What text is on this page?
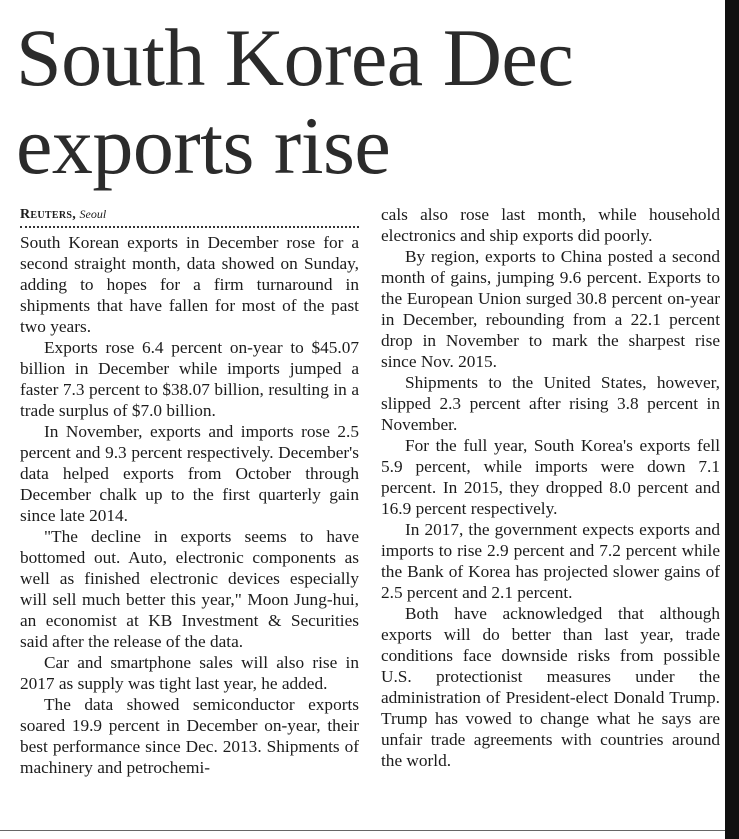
South Korea Dec exports rise
Reuters, Seoul

South Korean exports in December rose for a second straight month, data showed on Sunday, adding to hopes for a firm turnaround in shipments that have fallen for most of the past two years.

Exports rose 6.4 percent on-year to $45.07 billion in December while imports jumped a faster 7.3 percent to $38.07 billion, resulting in a trade surplus of $7.0 billion.

In November, exports and imports rose 2.5 percent and 9.3 percent respectively. December's data helped exports from October through December chalk up to the first quarterly gain since late 2014.

"The decline in exports seems to have bottomed out. Auto, electronic components as well as finished electronic devices especially will sell much better this year," Moon Jung-hui, an economist at KB Investment & Securities said after the release of the data.

Car and smartphone sales will also rise in 2017 as supply was tight last year, he added.

The data showed semiconductor exports soared 19.9 percent in December on-year, their best performance since Dec. 2013. Shipments of machinery and petrochemi-

cals also rose last month, while household electronics and ship exports did poorly.

By region, exports to China posted a second month of gains, jumping 9.6 percent. Exports to the European Union surged 30.8 percent on-year in December, rebounding from a 22.1 percent drop in November to mark the sharpest rise since Nov. 2015.

Shipments to the United States, however, slipped 2.3 percent after rising 3.8 percent in November.

For the full year, South Korea's exports fell 5.9 percent, while imports were down 7.1 percent. In 2015, they dropped 8.0 percent and 16.9 percent respectively.

In 2017, the government expects exports and imports to rise 2.9 percent and 7.2 percent while the Bank of Korea has projected slower gains of 2.5 percent and 2.1 percent.

Both have acknowledged that although exports will do better than last year, trade conditions face downside risks from possible U.S. protectionist measures under the administration of President-elect Donald Trump. Trump has vowed to change what he says are unfair trade agreements with countries around the world.
